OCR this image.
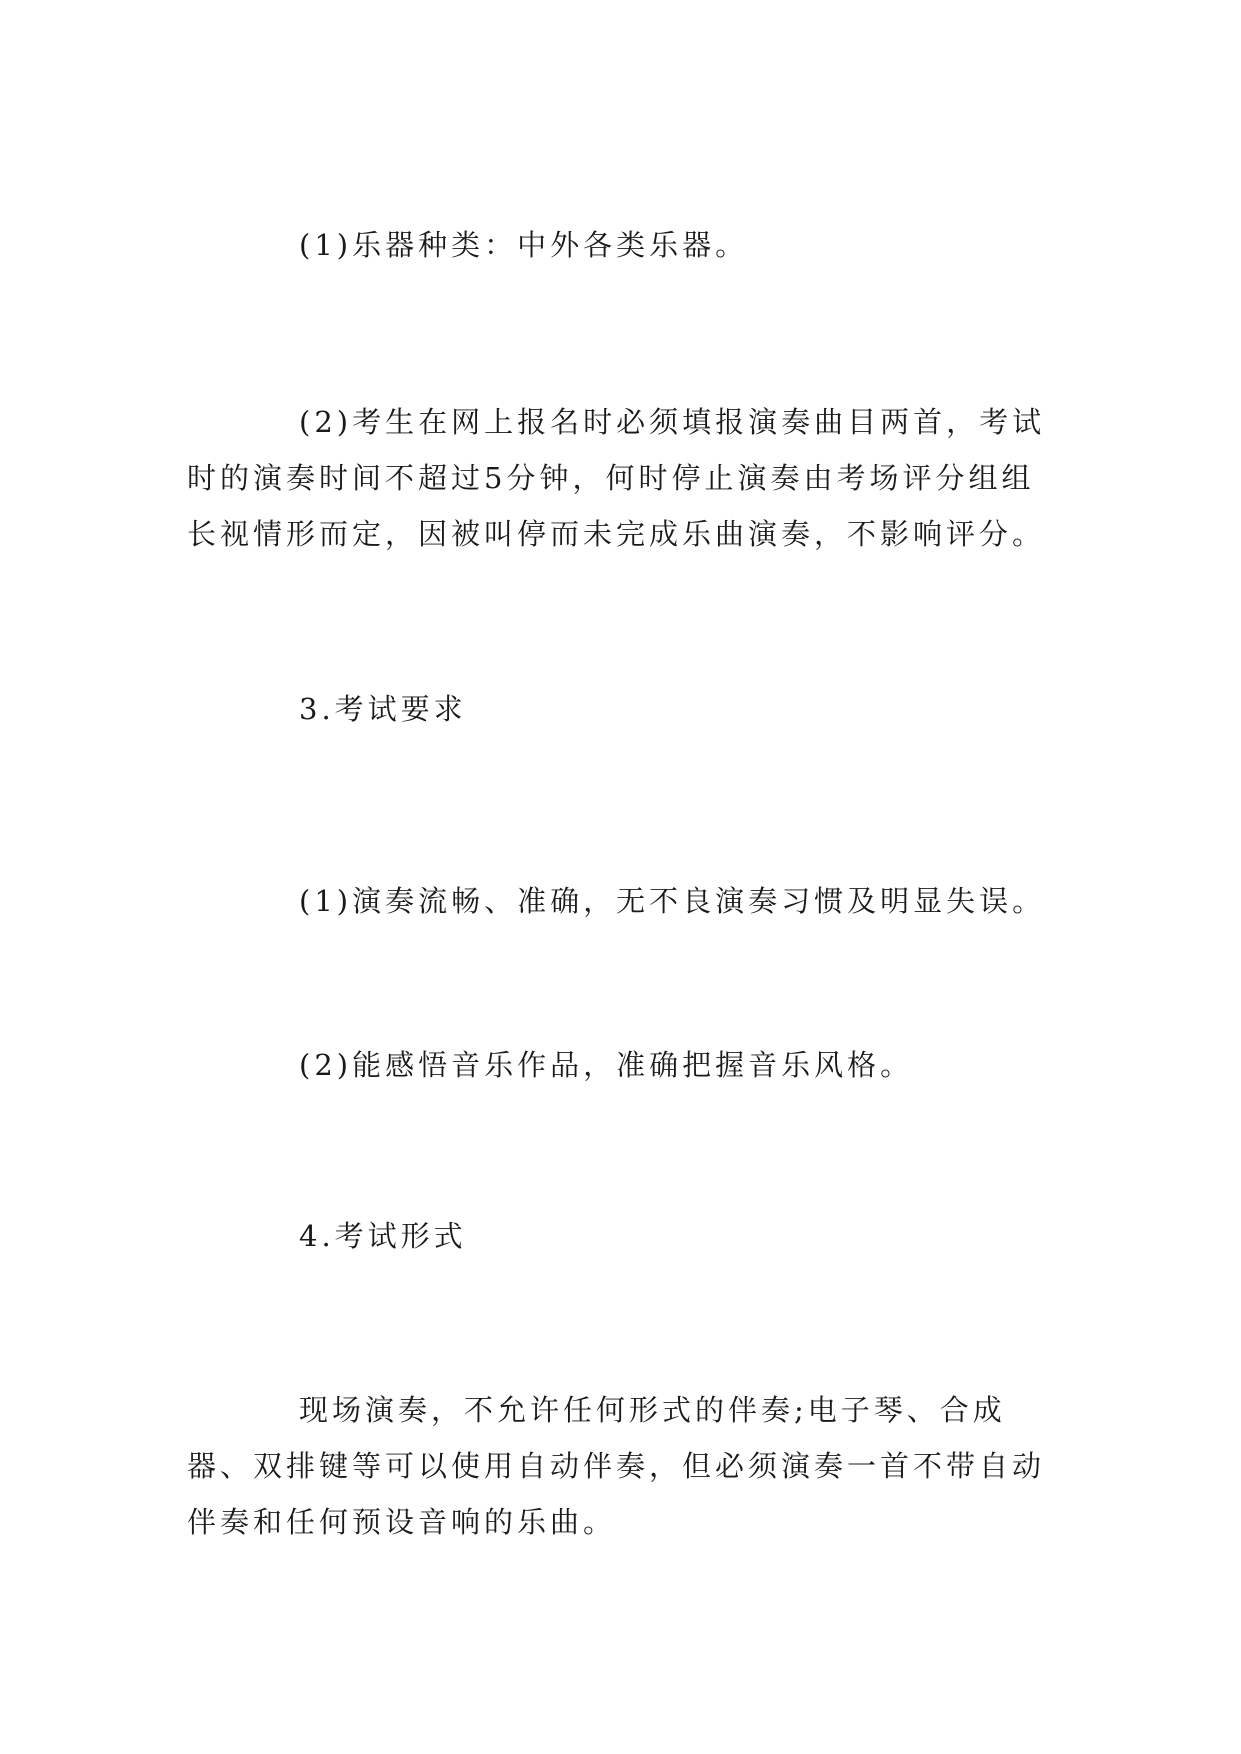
(1)乐器种类：中外各类乐器。

(2)考生在网上报名时必须填报演奏曲目两首，考试时的演奏时间不超过5分钟，何时停止演奏由考场评分组组长视情形而定，因被叫停而未完成乐曲演奏，不影响评分。

3.考试要求

(1)演奏流畅、准确，无不良演奏习惯及明显失误。

(2)能感悟音乐作品，准确把握音乐风格。

4.考试形式

现场演奏，不允许任何形式的伴奏;电子琴、合成器、双排键等可以使用自动伴奏，但必须演奏一首不带自动伴奏和任何预设音响的乐曲。
